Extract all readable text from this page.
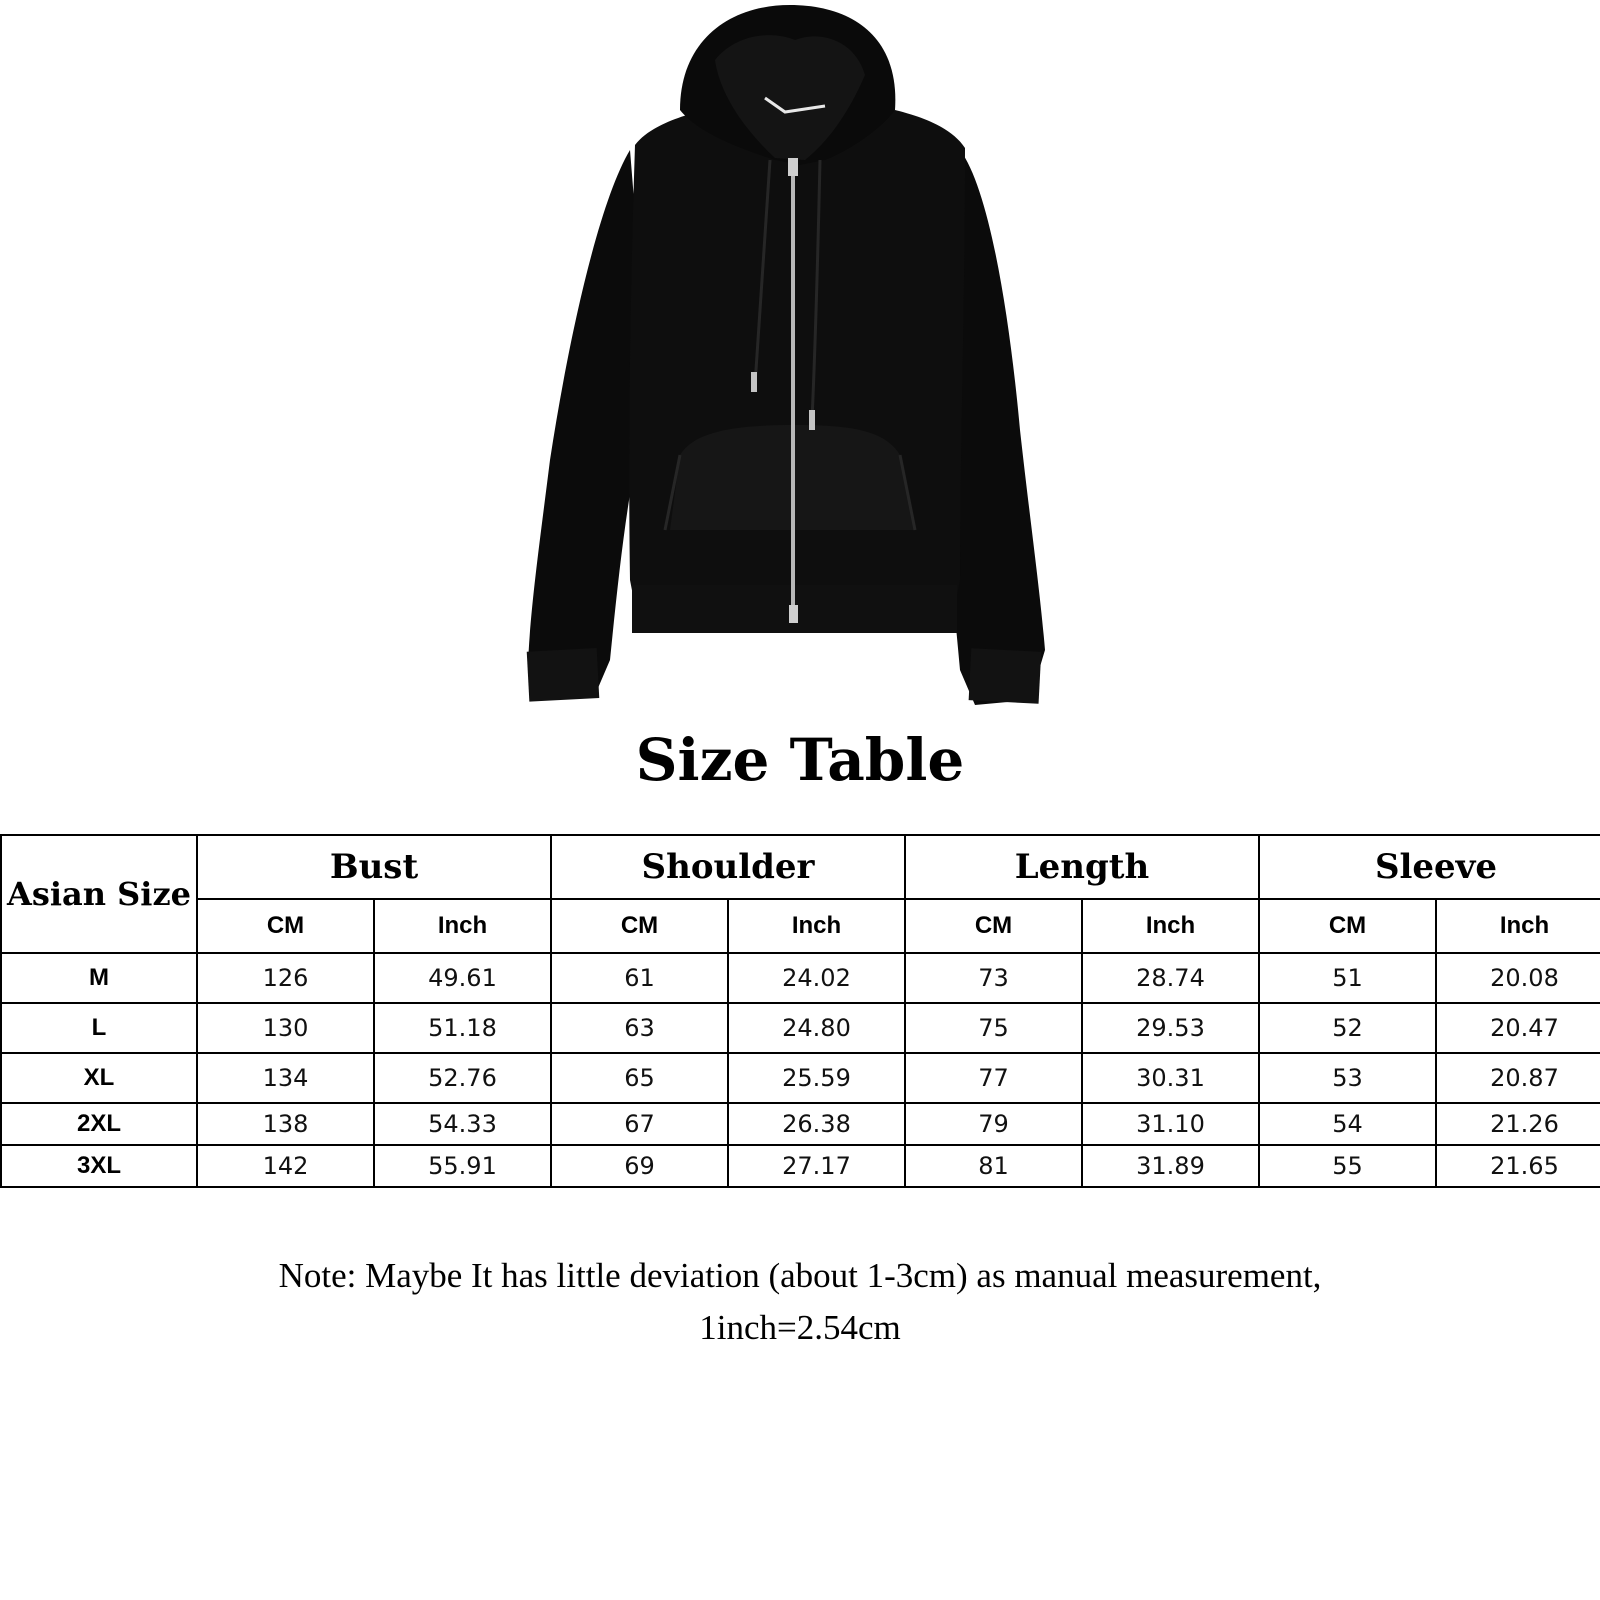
Size Table
Asian Size	Bust		Shoulder		Length		Sleeve	
	CM	Inch	CM	Inch	CM	Inch	CM	Inch
M	126	49.61	61	24.02	73	28.74	51	20.08
L	130	51.18	63	24.80	75	29.53	52	20.47
XL	134	52.76	65	25.59	77	30.31	53	20.87
2XL	138	54.33	67	26.38	79	31.10	54	21.26
3XL	142	55.91	69	27.17	81	31.89	55	21.65
Note: Maybe It has little deviation (about 1-3cm) as manual measurement,
1inch=2.54cm
